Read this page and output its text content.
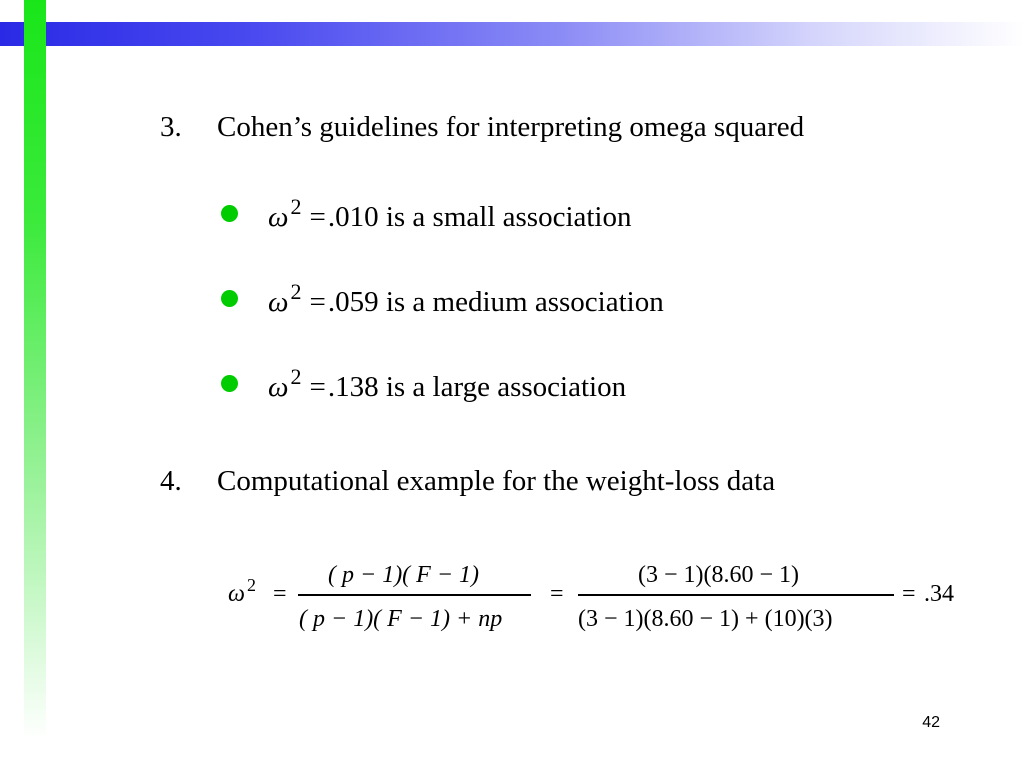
3. Cohen’s guidelines for interpreting omega squared
$\omega^2 =.010$ is a small association
$\omega^2 =.059$ is a medium association
$\omega^2 =.138$ is a large association
4. Computational example for the weight-loss data
ω $^2$ =
( p − 1)( F − 1)
( p − 1)( F − 1) + np
=
(3 − 1)(8.60 − 1)
(3 − 1)(8.60 − 1) + (10)(3)
= .34
42
